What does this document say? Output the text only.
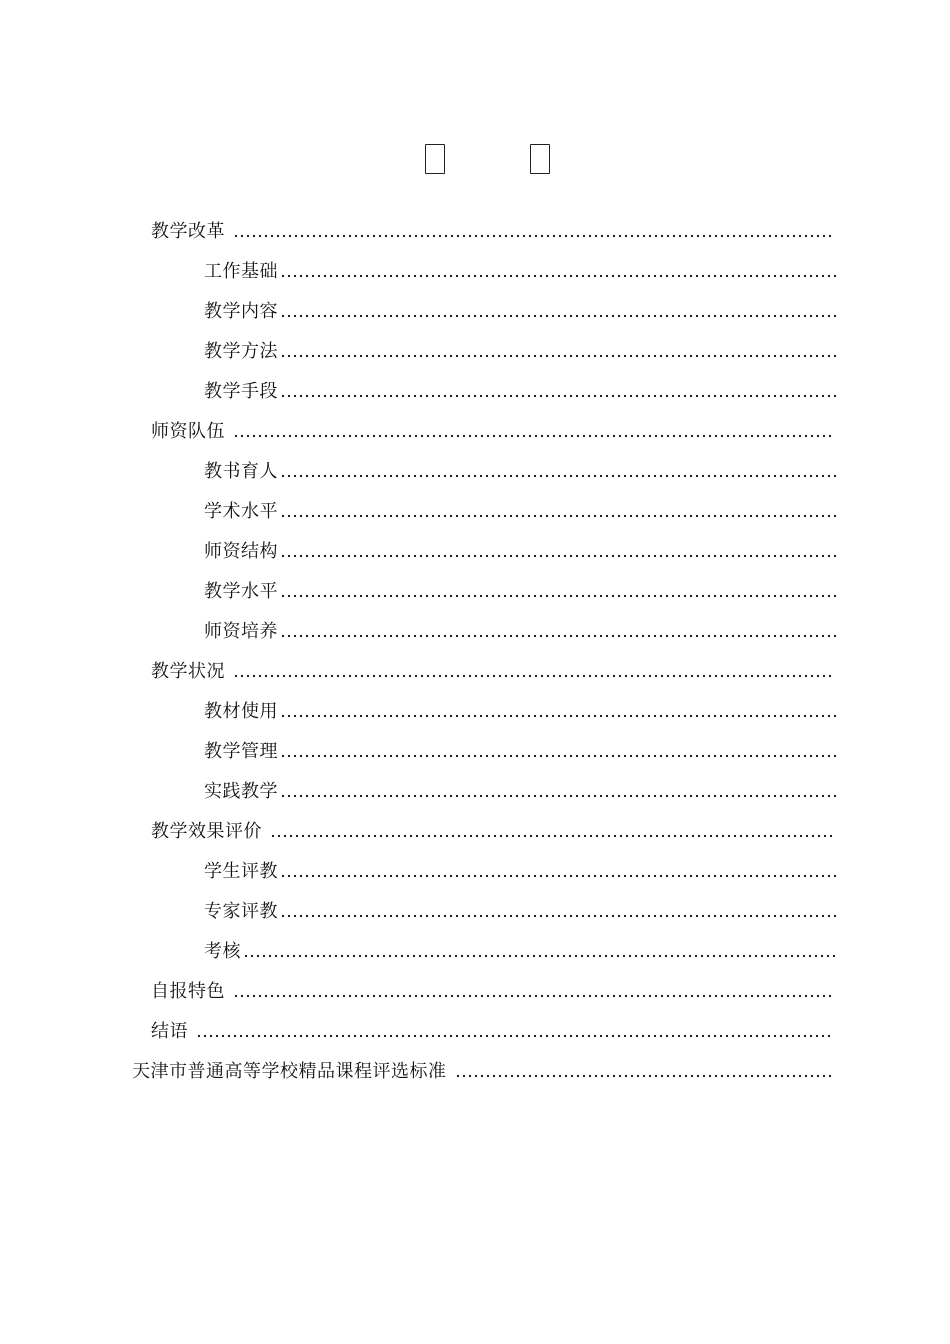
教学改革
工作基础
教学内容
教学方法
教学手段
师资队伍
教书育人
学术水平
师资结构
教学水平
师资培养
教学状况
教材使用
教学管理
实践教学
教学效果评价
学生评教
专家评教
考核
自报特色
结语
天津市普通高等学校精品课程评选标准
